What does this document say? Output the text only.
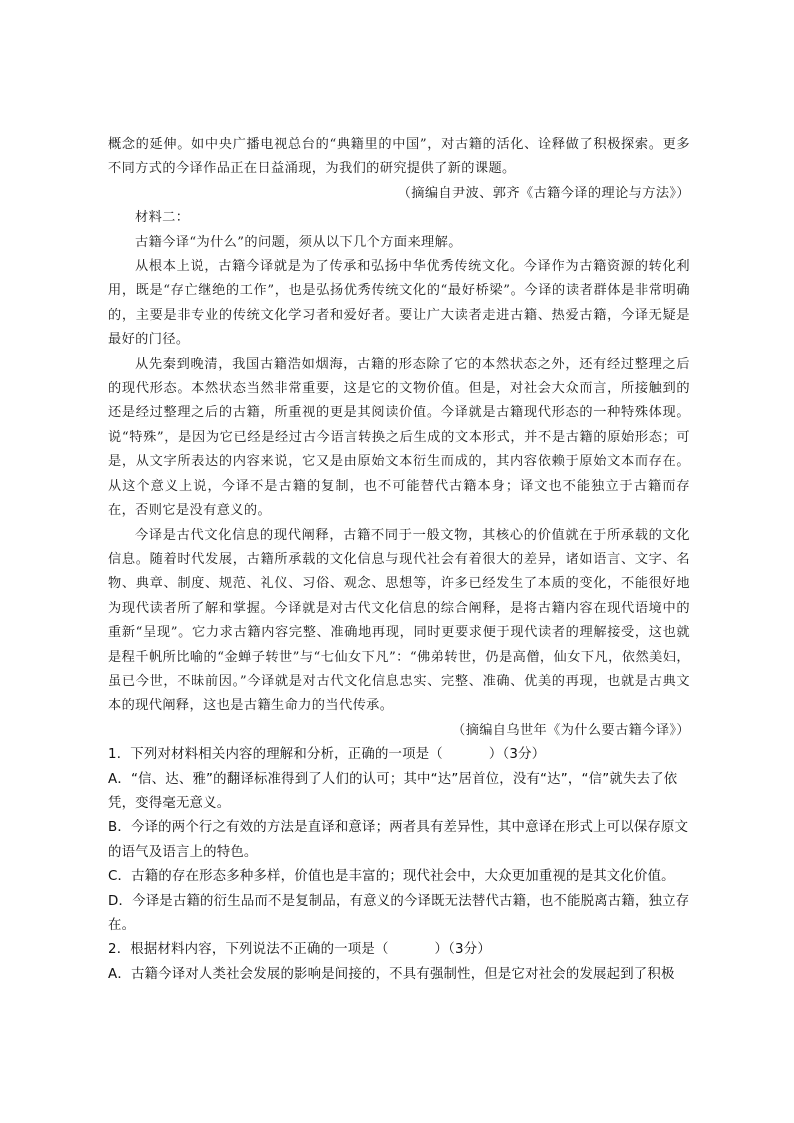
概念的延伸。如中央广播电视总台的“典籍里的中国”，对古籍的活化、诠释做了积极探索。更多不同方式的今译作品正在日益涌现，为我们的研究提供了新的课题。

（摘编自尹波、郭齐《古籍今译的理论与方法》）

材料二：

古籍今译“为什么”的问题，须从以下几个方面来理解。

从根本上说，古籍今译就是为了传承和弘扬中华优秀传统文化。今译作为古籍资源的转化利用，既是“存亡继绝的工作”，也是弘扬优秀传统文化的“最好桥梁”。今译的读者群体是非常明确的，主要是非专业的传统文化学习者和爱好者。要让广大读者走进古籍、热爱古籍，今译无疑是最好的门径。

从先秦到晚清，我国古籍浩如烟海，古籍的形态除了它的本然状态之外，还有经过整理之后的现代形态。本然状态当然非常重要，这是它的文物价值。但是，对社会大众而言，所接触到的还是经过整理之后的古籍，所重视的更是其阅读价值。今译就是古籍现代形态的一种特殊体现。说“特殊”，是因为它已经是经过古今语言转换之后生成的文本形式，并不是古籍的原始形态；可是，从文字所表达的内容来说，它又是由原始文本衍生而成的，其内容依赖于原始文本而存在。从这个意义上说，今译不是古籍的复制，也不可能替代古籍本身；译文也不能独立于古籍而存在，否则它是没有意义的。

今译是古代文化信息的现代阐释，古籍不同于一般文物，其核心的价值就在于所承载的文化信息。随着时代发展，古籍所承载的文化信息与现代社会有着很大的差异，诸如语言、文字、名物、典章、制度、规范、礼仪、习俗、观念、思想等，许多已经发生了本质的变化，不能很好地为现代读者所了解和掌握。今译就是对古代文化信息的综合阐释，是将古籍内容在现代语境中的重新“呈现”。它力求古籍内容完整、准确地再现，同时更要求便于现代读者的理解接受，这也就是程千帆所比喻的“金蝉子转世”与“七仙女下凡”：“佛弟转世，仍是高僧，仙女下凡，依然美妇，虽已今世，不昧前因。”今译就是对古代文化信息忠实、完整、准确、优美的再现，也就是古典文本的现代阐释，这也是古籍生命力的当代传承。

（摘编自乌世年《为什么要古籍今译》）

1．下列对材料相关内容的理解和分析，正确的一项是（	）（3分）

A．“信、达、雅”的翻译标准得到了人们的认可；其中“达”居首位，没有“达”，“信”就失去了依凭，变得毫无意义。

B．今译的两个行之有效的方法是直译和意译；两者具有差异性，其中意译在形式上可以保存原文的语气及语言上的特色。

C．古籍的存在形态多种多样，价值也是丰富的；现代社会中，大众更加重视的是其文化价值。

D．今译是古籍的衍生品而不是复制品，有意义的今译既无法替代古籍，也不能脱离古籍，独立存在。

2．根据材料内容，下列说法不正确的一项是（	）（3分）

A．古籍今译对人类社会发展的影响是间接的，不具有强制性，但是它对社会的发展起到了积极
